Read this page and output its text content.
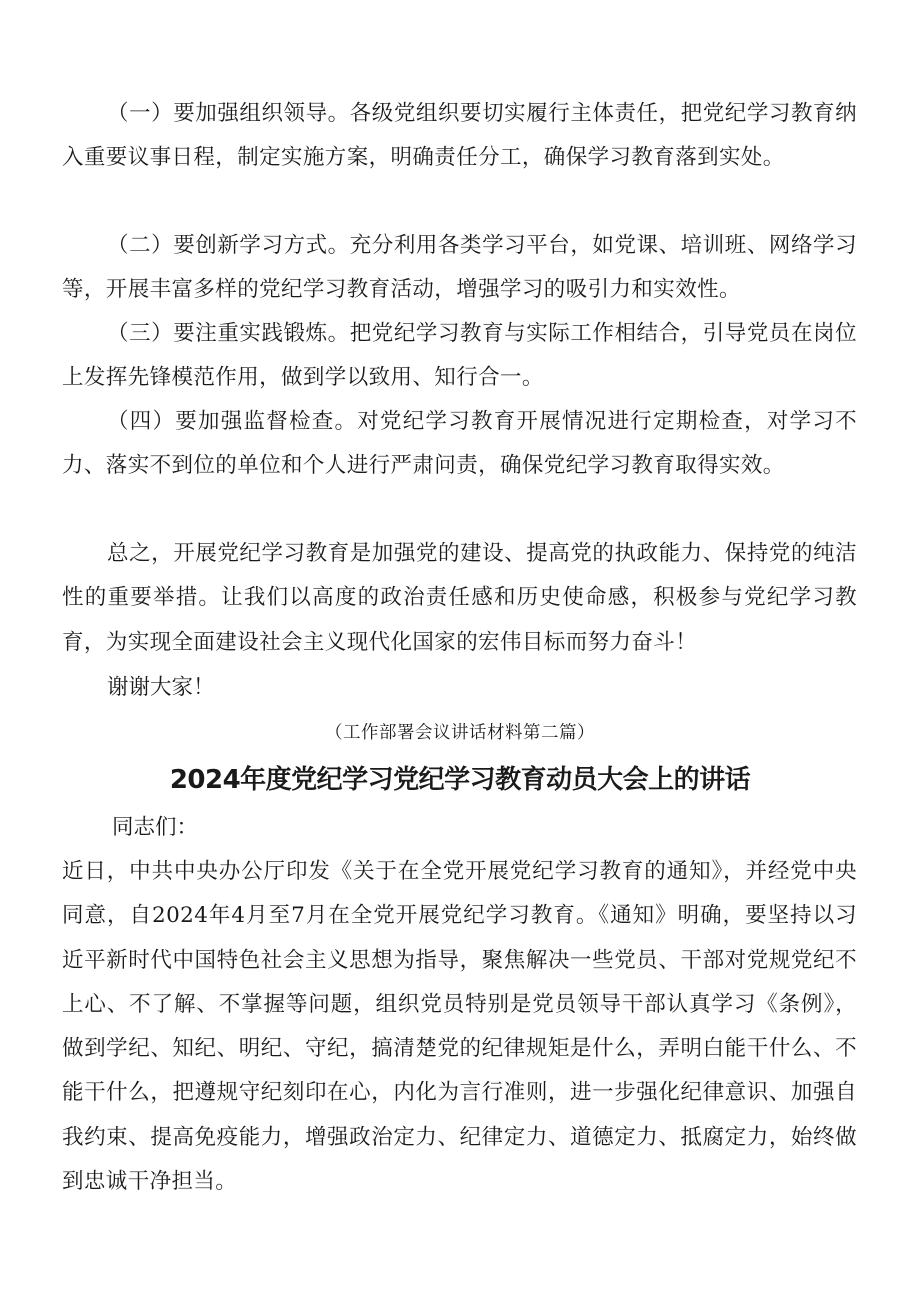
（一）要加强组织领导。各级党组织要切实履行主体责任，把党纪学习教育纳入重要议事日程，制定实施方案，明确责任分工，确保学习教育落到实处。

（二）要创新学习方式。充分利用各类学习平台，如党课、培训班、网络学习等，开展丰富多样的党纪学习教育活动，增强学习的吸引力和实效性。

（三）要注重实践锻炼。把党纪学习教育与实际工作相结合，引导党员在岗位上发挥先锋模范作用，做到学以致用、知行合一。

（四）要加强监督检查。对党纪学习教育开展情况进行定期检查，对学习不力、落实不到位的单位和个人进行严肃问责，确保党纪学习教育取得实效。

总之，开展党纪学习教育是加强党的建设、提高党的执政能力、保持党的纯洁性的重要举措。让我们以高度的政治责任感和历史使命感，积极参与党纪学习教育，为实现全面建设社会主义现代化国家的宏伟目标而努力奋斗！

谢谢大家！

（工作部署会议讲话材料第二篇）

2024年度党纪学习党纪学习教育动员大会上的讲话

同志们：

近日，中共中央办公厅印发《关于在全党开展党纪学习教育的通知》，并经党中央同意，自2024年4月至7月在全党开展党纪学习教育。《通知》明确，要坚持以习近平新时代中国特色社会主义思想为指导，聚焦解决一些党员、干部对党规党纪不上心、不了解、不掌握等问题，组织党员特别是党员领导干部认真学习《条例》，做到学纪、知纪、明纪、守纪，搞清楚党的纪律规矩是什么，弄明白能干什么、不能干什么，把遵规守纪刻印在心，内化为言行准则，进一步强化纪律意识、加强自我约束、提高免疫能力，增强政治定力、纪律定力、道德定力、抵腐定力，始终做到忠诚干净担当。
